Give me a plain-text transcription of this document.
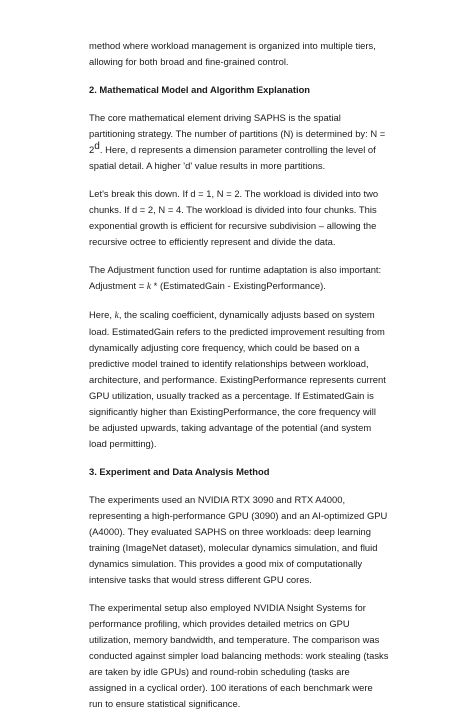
method where workload management is organized into multiple tiers, allowing for both broad and fine-grained control.

2. Mathematical Model and Algorithm Explanation

The core mathematical element driving SAPHS is the spatial partitioning strategy. The number of partitions (N) is determined by: $N = 2^d$. Here, d represents a dimension parameter controlling the level of spatial detail. A higher 'd' value results in more partitions.

Let's break this down. If d = 1, N = 2. The workload is divided into two chunks. If d = 2, N = 4. The workload is divided into four chunks. This exponential growth is efficient for recursive subdivision – allowing the recursive octree to efficiently represent and divide the data.

The Adjustment function used for runtime adaptation is also important: Adjustment = k * (EstimatedGain - ExistingPerformance).

Here, k, the scaling coefficient, dynamically adjusts based on system load. EstimatedGain refers to the predicted improvement resulting from dynamically adjusting core frequency, which could be based on a predictive model trained to identify relationships between workload, architecture, and performance. ExistingPerformance represents current GPU utilization, usually tracked as a percentage. If EstimatedGain is significantly higher than ExistingPerformance, the core frequency will be adjusted upwards, taking advantage of the potential (and system load permitting).

3. Experiment and Data Analysis Method

The experiments used an NVIDIA RTX 3090 and RTX A4000, representing a high-performance GPU (3090) and an AI-optimized GPU (A4000). They evaluated SAPHS on three workloads: deep learning training (ImageNet dataset), molecular dynamics simulation, and fluid dynamics simulation. This provides a good mix of computationally intensive tasks that would stress different GPU cores.

The experimental setup also employed NVIDIA Nsight Systems for performance profiling, which provides detailed metrics on GPU utilization, memory bandwidth, and temperature. The comparison was conducted against simpler load balancing methods: work stealing (tasks are taken by idle GPUs) and round-robin scheduling (tasks are assigned in a cyclical order). 100 iterations of each benchmark were run to ensure statistical significance.
